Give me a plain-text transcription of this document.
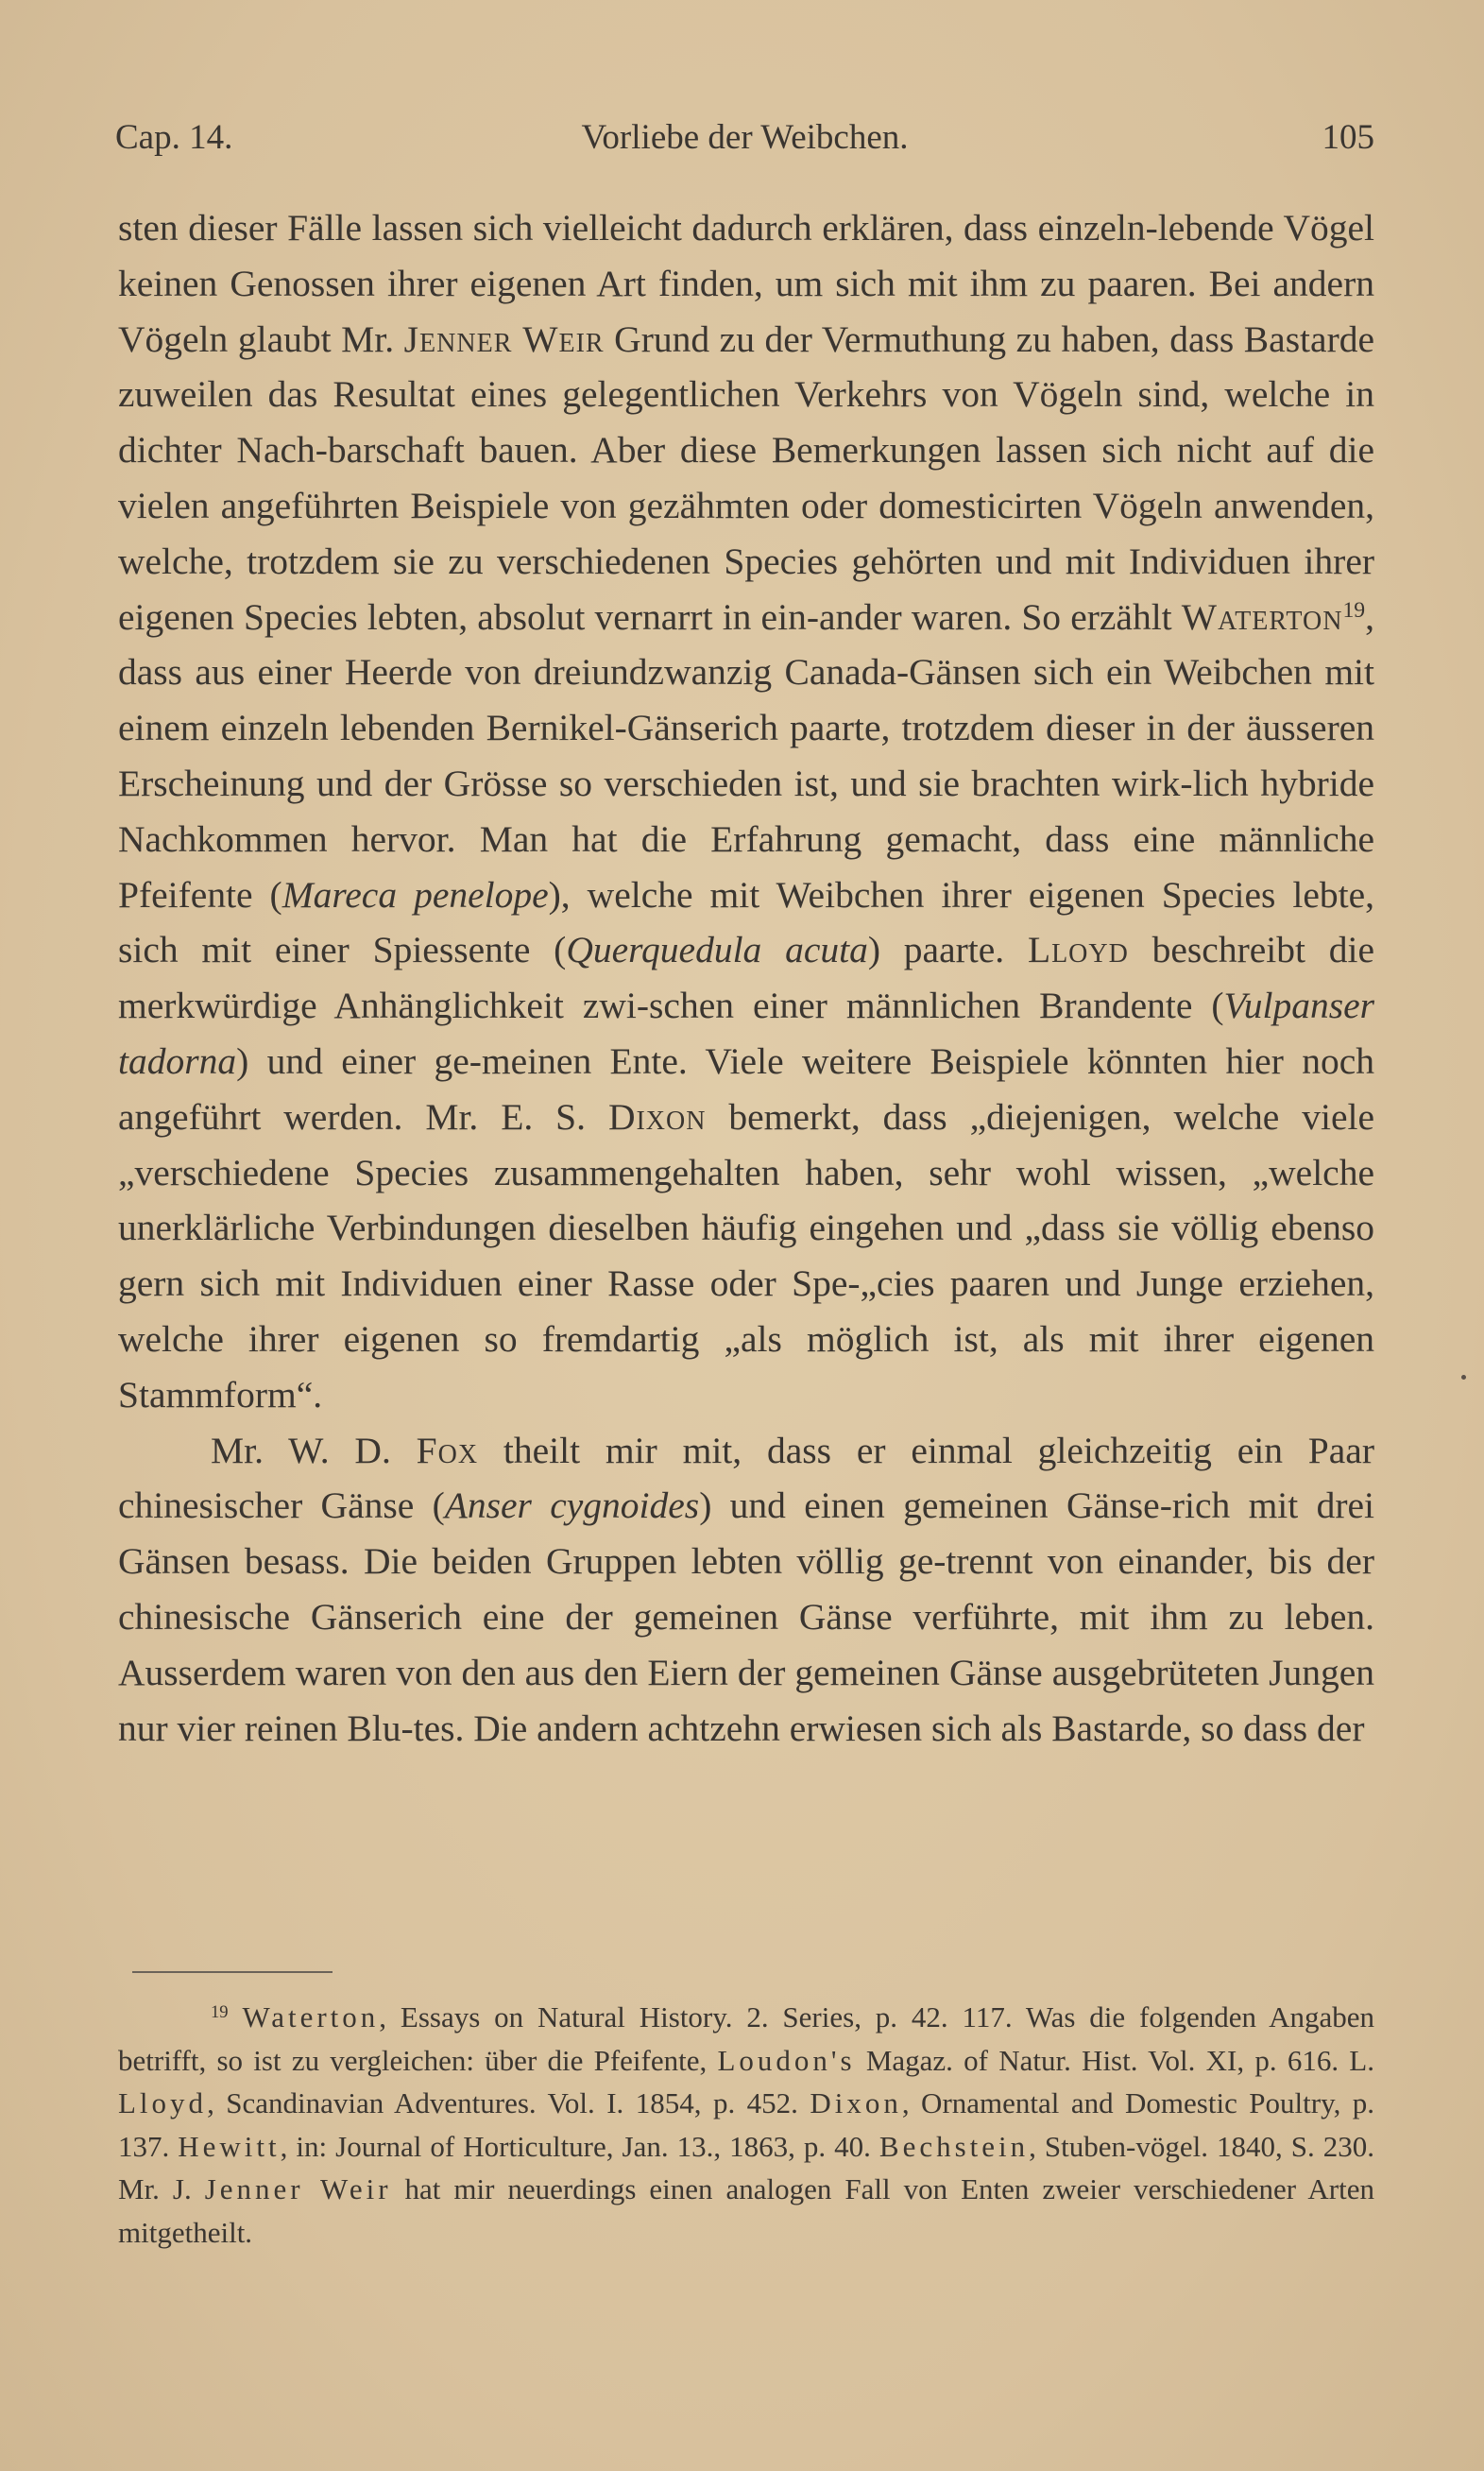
Cap. 14.	Vorliebe der Weibchen.	105

sten dieser Fälle lassen sich vielleicht dadurch erklären, dass einzeln-lebende Vögel keinen Genossen ihrer eigenen Art finden, um sich mit ihm zu paaren. Bei andern Vögeln glaubt Mr. Jenner Weir Grund zu der Vermuthung zu haben, dass Bastarde zuweilen das Resultat eines gelegentlichen Verkehrs von Vögeln sind, welche in dichter Nach-barschaft bauen. Aber diese Bemerkungen lassen sich nicht auf die vielen angeführten Beispiele von gezähmten oder domesticirten Vögeln anwenden, welche, trotzdem sie zu verschiedenen Species gehörten und mit Individuen ihrer eigenen Species lebten, absolut vernarrt in ein-ander waren. So erzählt Waterton$^{19}$, dass aus einer Heerde von dreiundzwanzig Canada-Gänsen sich ein Weibchen mit einem einzeln lebenden Bernikel-Gänserich paarte, trotzdem dieser in der äusseren Erscheinung und der Grösse so verschieden ist, und sie brachten wirk-lich hybride Nachkommen hervor. Man hat die Erfahrung gemacht, dass eine männliche Pfeifente (Mareca penelope), welche mit Weibchen ihrer eigenen Species lebte, sich mit einer Spiessente (Querquedula acuta) paarte. Lloyd beschreibt die merkwürdige Anhänglichkeit zwi-schen einer männlichen Brandente (Vulpanser tadorna) und einer ge-meinen Ente. Viele weitere Beispiele könnten hier noch angeführt werden. Mr. E. S. Dixon bemerkt, dass „diejenigen, welche viele „verschiedene Species zusammengehalten haben, sehr wohl wissen, „welche unerklärliche Verbindungen dieselben häufig eingehen und „dass sie völlig ebenso gern sich mit Individuen einer Rasse oder Spe-„cies paaren und Junge erziehen, welche ihrer eigenen so fremdartig „als möglich ist, als mit ihrer eigenen Stammform“.

Mr. W. D. Fox theilt mir mit, dass er einmal gleichzeitig ein Paar chinesischer Gänse (Anser cygnoides) und einen gemeinen Gänse-rich mit drei Gänsen besass. Die beiden Gruppen lebten völlig ge-trennt von einander, bis der chinesische Gänserich eine der gemeinen Gänse verführte, mit ihm zu leben. Ausserdem waren von den aus den Eiern der gemeinen Gänse ausgebrüteten Jungen nur vier reinen Blu-tes. Die andern achtzehn erwiesen sich als Bastarde, so dass der

$^{19}$ Waterton, Essays on Natural History. 2. Series, p. 42. 117. Was die folgenden Angaben betrifft, so ist zu vergleichen: über die Pfeifente, Loudon's Magaz. of Natur. Hist. Vol. XI, p. 616. L. Lloyd, Scandinavian Adventures. Vol. I. 1854, p. 452. Dixon, Ornamental and Domestic Poultry, p. 137. Hewitt, in: Journal of Horticulture, Jan. 13., 1863, p. 40. Bechstein, Stuben-vögel. 1840, S. 230. Mr. J. Jenner Weir hat mir neuerdings einen analogen Fall von Enten zweier verschiedener Arten mitgetheilt.
